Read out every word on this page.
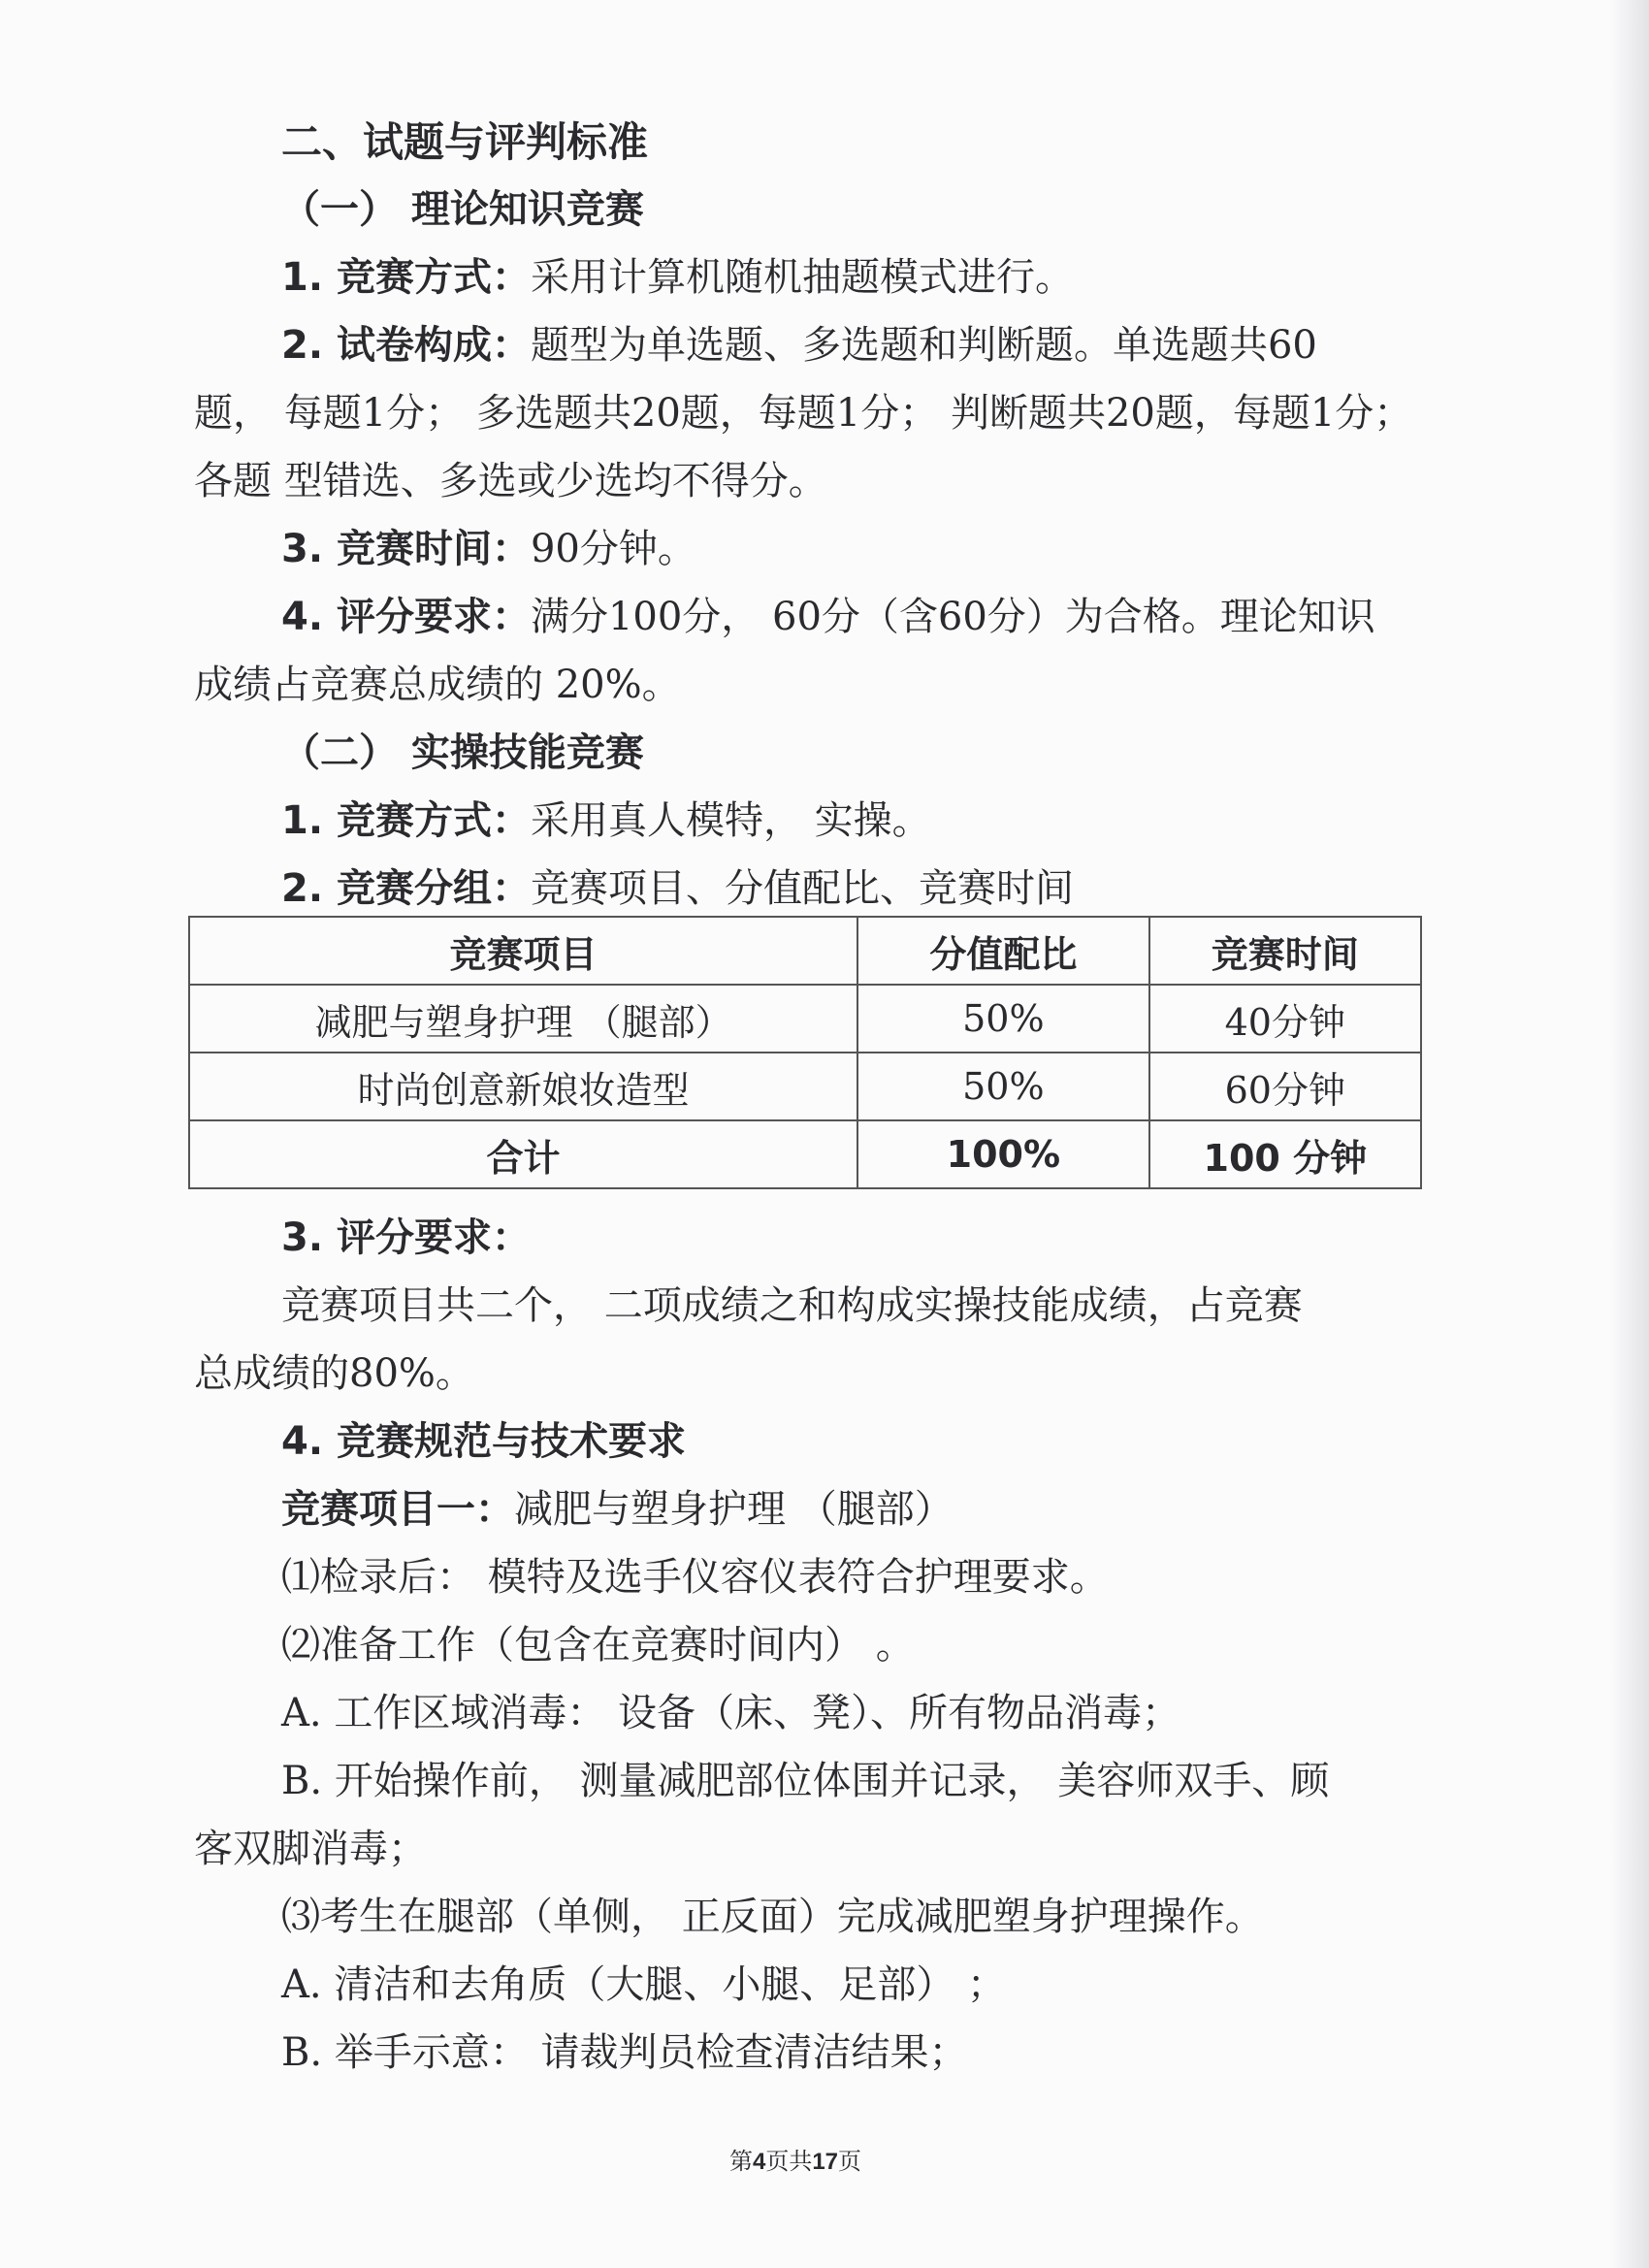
二、试题与评判标准
（一） 理论知识竞赛
1. 竞赛方式：采用计算机随机抽题模式进行。
2. 试卷构成：题型为单选题、多选题和判断题。单选题共60
题， 每题1分； 多选题共20题，每题1分； 判断题共20题，每题1分；
各题 型错选、多选或少选均不得分。
3. 竞赛时间：90分钟。
4. 评分要求：满分100分， 60分（含60分）为合格。理论知识
成绩占竞赛总成绩的 20%。
（二） 实操技能竞赛
1. 竞赛方式：采用真人模特， 实操。
2. 竞赛分组：竞赛项目、分值配比、竞赛时间
竞赛项目	分值配比	竞赛时间
减肥与塑身护理 （腿部）	50%	40分钟
时尚创意新娘妆造型	50%	60分钟
合计	100%	100 分钟
3. 评分要求：
竞赛项目共二个， 二项成绩之和构成实操技能成绩，占竞赛
总成绩的80%。
4. 竞赛规范与技术要求
竞赛项目一：减肥与塑身护理 （腿部）
⑴检录后： 模特及选手仪容仪表符合护理要求。
⑵准备工作（包含在竞赛时间内） 。
A. 工作区域消毒： 设备（床、凳）、所有物品消毒；
B. 开始操作前， 测量减肥部位体围并记录， 美容师双手、顾
客双脚消毒；
⑶考生在腿部（单侧， 正反面）完成减肥塑身护理操作。
A. 清洁和去角质（大腿、小腿、足部） ；
B. 举手示意： 请裁判员检查清洁结果；
第4页共17页
